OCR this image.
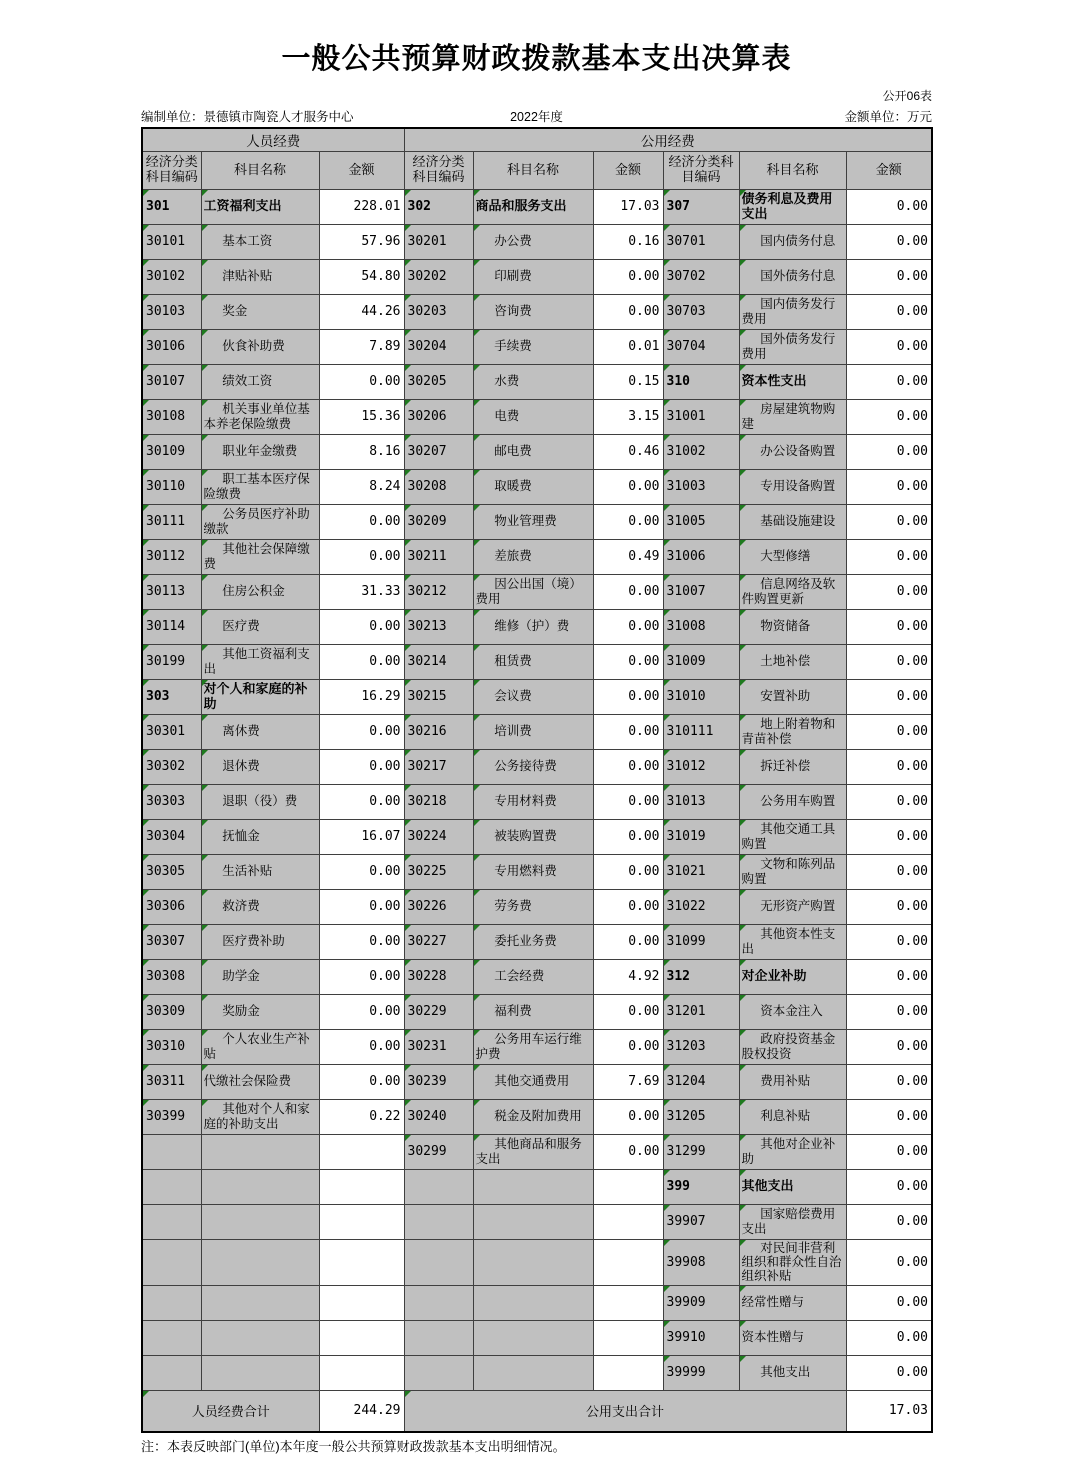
一般公共预算财政拨款基本支出决算表
公开06表
编制单位：景德镇市陶瓷人才服务中心	2022年度	金额单位：万元
人员经费			公用经费					
经济分类科目编码	科目名称	金额	经济分类科目编码	科目名称	金额	经济分类科目编码	科目名称	金额
301	工资福利支出	228.01	302	商品和服务支出	17.03	307	债务利息及费用支出	0.00
30101	基本工资	57.96	30201	办公费	0.16	30701	国内债务付息	0.00
30102	津贴补贴	54.80	30202	印刷费	0.00	30702	国外债务付息	0.00
30103	奖金	44.26	30203	咨询费	0.00	30703	国内债务发行费用	0.00
30106	伙食补助费	7.89	30204	手续费	0.01	30704	国外债务发行费用	0.00
30107	绩效工资	0.00	30205	水费	0.15	310	资本性支出	0.00
30108	机关事业单位基本养老保险缴费	15.36	30206	电费	3.15	31001	房屋建筑物购建	0.00
30109	职业年金缴费	8.16	30207	邮电费	0.46	31002	办公设备购置	0.00
30110	职工基本医疗保险缴费	8.24	30208	取暖费	0.00	31003	专用设备购置	0.00
30111	公务员医疗补助缴款	0.00	30209	物业管理费	0.00	31005	基础设施建设	0.00
30112	其他社会保障缴费	0.00	30211	差旅费	0.49	31006	大型修缮	0.00
30113	住房公积金	31.33	30212	因公出国（境）费用	0.00	31007	信息网络及软件购置更新	0.00
30114	医疗费	0.00	30213	维修（护）费	0.00	31008	物资储备	0.00
30199	其他工资福利支出	0.00	30214	租赁费	0.00	31009	土地补偿	0.00
303	对个人和家庭的补助	16.29	30215	会议费	0.00	31010	安置补助	0.00
30301	离休费	0.00	30216	培训费	0.00	310111	地上附着物和青苗补偿	0.00
30302	退休费	0.00	30217	公务接待费	0.00	31012	拆迁补偿	0.00
30303	退职（役）费	0.00	30218	专用材料费	0.00	31013	公务用车购置	0.00
30304	抚恤金	16.07	30224	被装购置费	0.00	31019	其他交通工具购置	0.00
30305	生活补贴	0.00	30225	专用燃料费	0.00	31021	文物和陈列品购置	0.00
30306	救济费	0.00	30226	劳务费	0.00	31022	无形资产购置	0.00
30307	医疗费补助	0.00	30227	委托业务费	0.00	31099	其他资本性支出	0.00
30308	助学金	0.00	30228	工会经费	4.92	312	对企业补助	0.00
30309	奖励金	0.00	30229	福利费	0.00	31201	资本金注入	0.00
30310	个人农业生产补贴	0.00	30231	公务用车运行维护费	0.00	31203	政府投资基金股权投资	0.00
30311	代缴社会保险费	0.00	30239	其他交通费用	7.69	31204	费用补贴	0.00
30399	其他对个人和家庭的补助支出	0.22	30240	税金及附加费用	0.00	31205	利息补贴	0.00
			30299	其他商品和服务支出	0.00	31299	其他对企业补助	0.00
						399	其他支出	0.00
						39907	国家赔偿费用支出	0.00
						39908	对民间非营利组织和群众性自治组织补贴	0.00
						39909	经常性赠与	0.00
						39910	资本性赠与	0.00
						39999	其他支出	0.00
人员经费合计		244.29	公用支出合计					17.03
注：本表反映部门(单位)本年度一般公共预算财政拨款基本支出明细情况。
